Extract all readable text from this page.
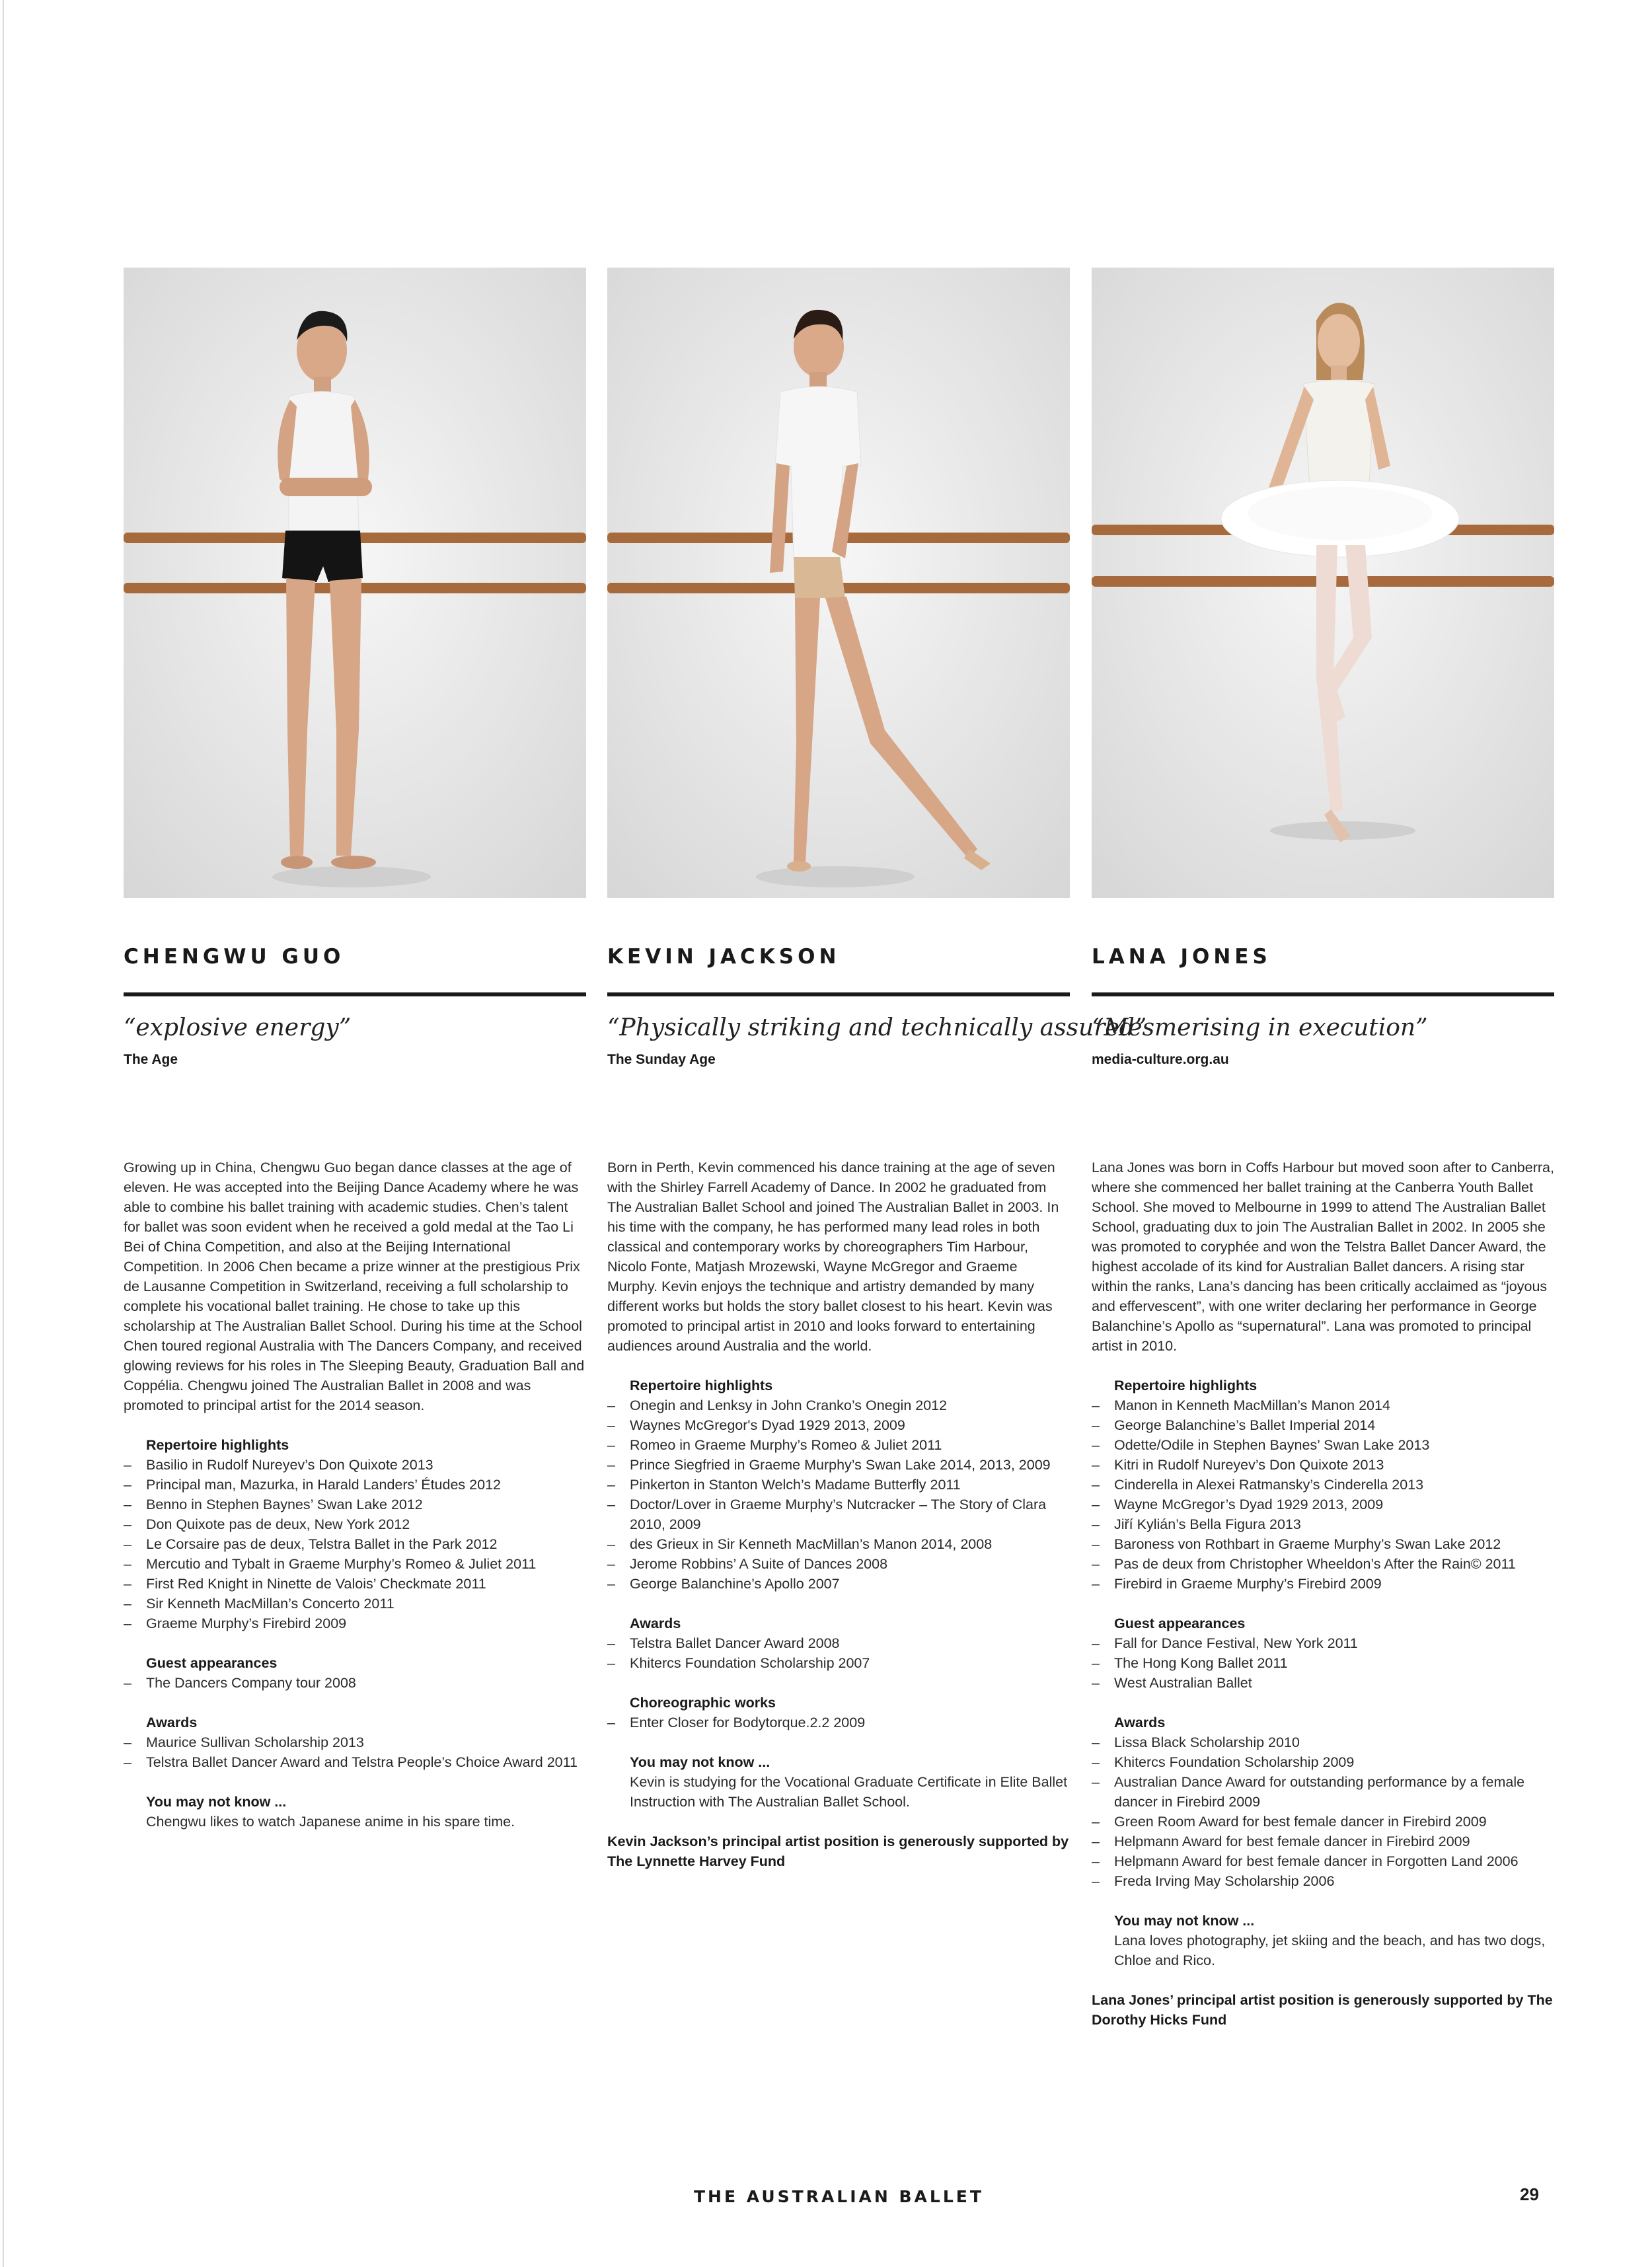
CHENGWU GUO
“explosive energy”
The Age

Growing up in China, Chengwu Guo began dance classes at the age of eleven. He was accepted into the Beijing Dance Academy where he was able to combine his ballet training with academic studies. Chen’s talent for ballet was soon evident when he received a gold medal at the Tao Li Bei of China Competition, and also at the Beijing International Competition. In 2006 Chen became a prize winner at the prestigious Prix de Lausanne Competition in Switzerland, receiving a full scholarship to complete his vocational ballet training. He chose to take up this scholarship at The Australian Ballet School. During his time at the School Chen toured regional Australia with The Dancers Company, and received glowing reviews for his roles in The Sleeping Beauty, Graduation Ball and Coppélia. Chengwu joined The Australian Ballet in 2008 and was promoted to principal artist for the 2014 season.

Repertoire highlights
– Basilio in Rudolf Nureyev’s Don Quixote 2013
– Principal man, Mazurka, in Harald Landers’ Études 2012
– Benno in Stephen Baynes’ Swan Lake 2012
– Don Quixote pas de deux, New York 2012
– Le Corsaire pas de deux, Telstra Ballet in the Park 2012
– Mercutio and Tybalt in Graeme Murphy’s Romeo & Juliet 2011
– First Red Knight in Ninette de Valois’ Checkmate 2011
– Sir Kenneth MacMillan’s Concerto 2011
– Graeme Murphy’s Firebird 2009
Guest appearances
– The Dancers Company tour 2008
Awards
– Maurice Sullivan Scholarship 2013
– Telstra Ballet Dancer Award and Telstra People’s Choice Award 2011
You may not know ...
Chengwu likes to watch Japanese anime in his spare time.
KEVIN JACKSON
“Physically striking and technically assured”
The Sunday Age

Born in Perth, Kevin commenced his dance training at the age of seven with the Shirley Farrell Academy of Dance. In 2002 he graduated from The Australian Ballet School and joined The Australian Ballet in 2003. In his time with the company, he has performed many lead roles in both classical and contemporary works by choreographers Tim Harbour, Nicolo Fonte, Matjash Mrozewski, Wayne McGregor and Graeme Murphy. Kevin enjoys the technique and artistry demanded by many different works but holds the story ballet closest to his heart. Kevin was promoted to principal artist in 2010 and looks forward to entertaining audiences around Australia and the world.

Repertoire highlights
– Onegin and Lenksy in John Cranko’s Onegin 2012
– Waynes McGregor's Dyad 1929 2013, 2009
– Romeo in Graeme Murphy’s Romeo & Juliet 2011
– Prince Siegfried in Graeme Murphy’s Swan Lake 2014, 2013, 2009
– Pinkerton in Stanton Welch’s Madame Butterfly 2011
– Doctor/Lover in Graeme Murphy’s Nutcracker – The Story of Clara 2010, 2009
– des Grieux in Sir Kenneth MacMillan’s Manon 2014, 2008
– Jerome Robbins’ A Suite of Dances 2008
– George Balanchine’s Apollo 2007
Awards
– Telstra Ballet Dancer Award 2008
– Khitercs Foundation Scholarship 2007
Choreographic works
– Enter Closer for Bodytorque.2.2 2009
You may not know ...
Kevin is studying for the Vocational Graduate Certificate in Elite Ballet Instruction with The Australian Ballet School.
Kevin Jackson’s principal artist position is generously supported by The Lynnette Harvey Fund
LANA JONES
“Mesmerising in execution”
media-culture.org.au

Lana Jones was born in Coffs Harbour but moved soon after to Canberra, where she commenced her ballet training at the Canberra Youth Ballet School. She moved to Melbourne in 1999 to attend The Australian Ballet School, graduating dux to join The Australian Ballet in 2002. In 2005 she was promoted to coryphée and won the Telstra Ballet Dancer Award, the highest accolade of its kind for Australian Ballet dancers. A rising star within the ranks, Lana’s dancing has been critically acclaimed as “joyous and effervescent”, with one writer declaring her performance in George Balanchine’s Apollo as “supernatural”. Lana was promoted to principal artist in 2010.

Repertoire highlights
– Manon in Kenneth MacMillan’s Manon 2014
– George Balanchine’s Ballet Imperial 2014
– Odette/Odile in Stephen Baynes’ Swan Lake 2013
– Kitri in Rudolf Nureyev’s Don Quixote 2013
– Cinderella in Alexei Ratmansky’s Cinderella 2013
– Wayne McGregor’s Dyad 1929 2013, 2009
– Jiří Kylián’s Bella Figura 2013
– Baroness von Rothbart in Graeme Murphy’s Swan Lake 2012
– Pas de deux from Christopher Wheeldon’s After the Rain© 2011
– Firebird in Graeme Murphy’s Firebird 2009
Guest appearances
– Fall for Dance Festival, New York 2011
– The Hong Kong Ballet 2011
– West Australian Ballet
Awards
– Lissa Black Scholarship 2010
– Khitercs Foundation Scholarship 2009
– Australian Dance Award for outstanding performance by a female dancer in Firebird 2009
– Green Room Award for best female dancer in Firebird 2009
– Helpmann Award for best female dancer in Firebird 2009
– Helpmann Award for best female dancer in Forgotten Land 2006
– Freda Irving May Scholarship 2006
You may not know ...
Lana loves photography, jet skiing and the beach, and has two dogs, Chloe and Rico.
Lana Jones’ principal artist position is generously supported by The Dorothy Hicks Fund
THE AUSTRALIAN BALLET	29
